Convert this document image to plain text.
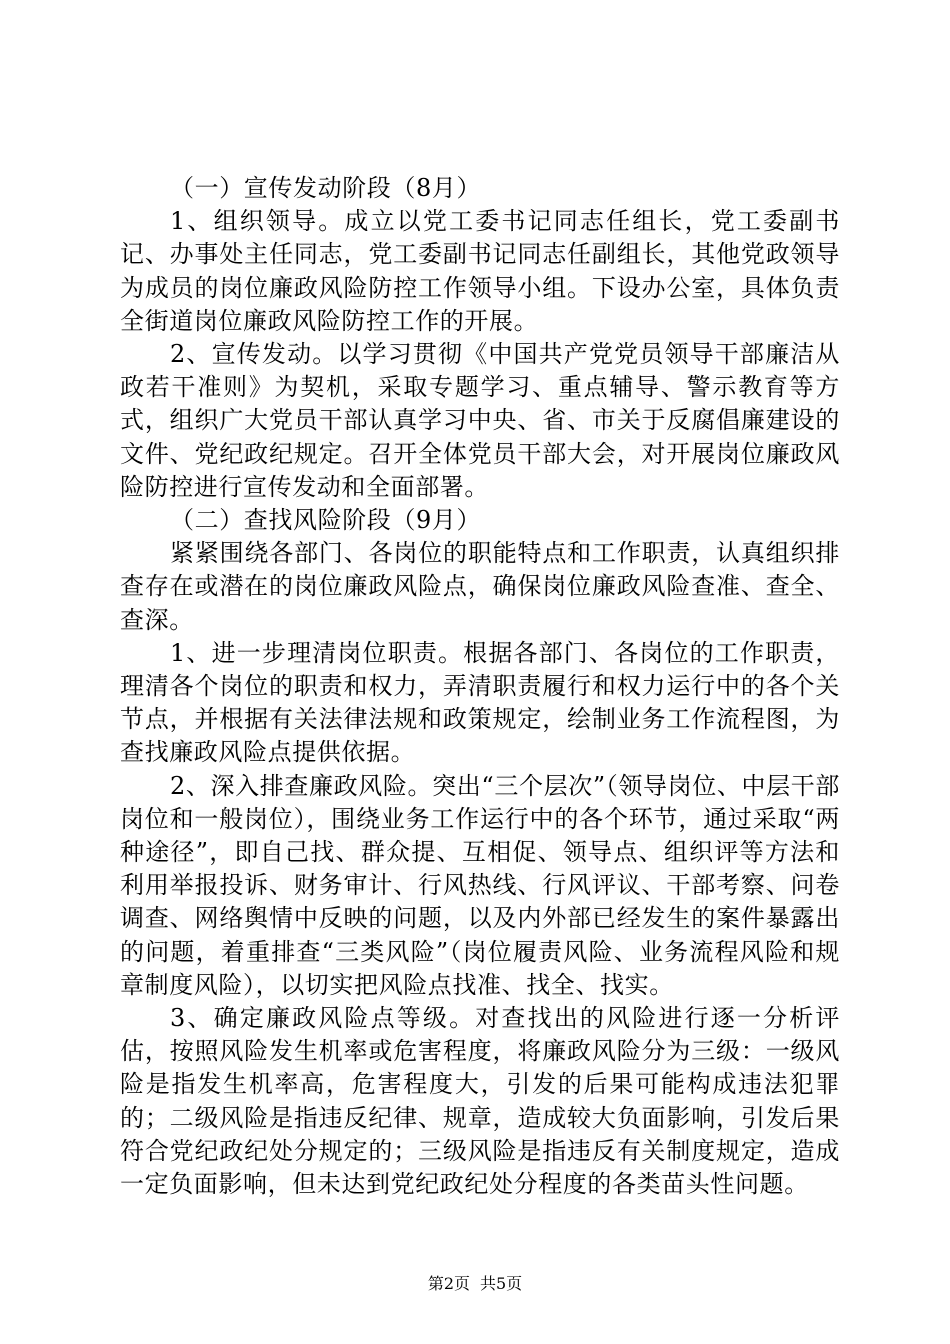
（一）宣传发动阶段（8月）

1、组织领导。成立以党工委书记同志任组长，党工委副书记、办事处主任同志，党工委副书记同志任副组长，其他党政领导为成员的岗位廉政风险防控工作领导小组。下设办公室，具体负责全街道岗位廉政风险防控工作的开展。

2、宣传发动。以学习贯彻《中国共产党党员领导干部廉洁从政若干准则》为契机，采取专题学习、重点辅导、警示教育等方式，组织广大党员干部认真学习中央、省、市关于反腐倡廉建设的文件、党纪政纪规定。召开全体党员干部大会，对开展岗位廉政风险防控进行宣传发动和全面部署。

（二）查找风险阶段（9月）

紧紧围绕各部门、各岗位的职能特点和工作职责，认真组织排查存在或潜在的岗位廉政风险点，确保岗位廉政风险查准、查全、查深。

1、进一步理清岗位职责。根据各部门、各岗位的工作职责，理清各个岗位的职责和权力，弄清职责履行和权力运行中的各个关节点，并根据有关法律法规和政策规定，绘制业务工作流程图，为查找廉政风险点提供依据。

2、深入排查廉政风险。突出“三个层次”（领导岗位、中层干部岗位和一般岗位），围绕业务工作运行中的各个环节，通过采取“两种途径”，即自己找、群众提、互相促、领导点、组织评等方法和利用举报投诉、财务审计、行风热线、行风评议、干部考察、问卷调查、网络舆情中反映的问题，以及内外部已经发生的案件暴露出的问题，着重排查“三类风险”（岗位履责风险、业务流程风险和规章制度风险），以切实把风险点找准、找全、找实。

3、确定廉政风险点等级。对查找出的风险进行逐一分析评估，按照风险发生机率或危害程度，将廉政风险分为三级：一级风险是指发生机率高，危害程度大，引发的后果可能构成违法犯罪的；二级风险是指违反纪律、规章，造成较大负面影响，引发后果符合党纪政纪处分规定的；三级风险是指违反有关制度规定，造成一定负面影响，但未达到党纪政纪处分程度的各类苗头性问题。

第2页 共5页
